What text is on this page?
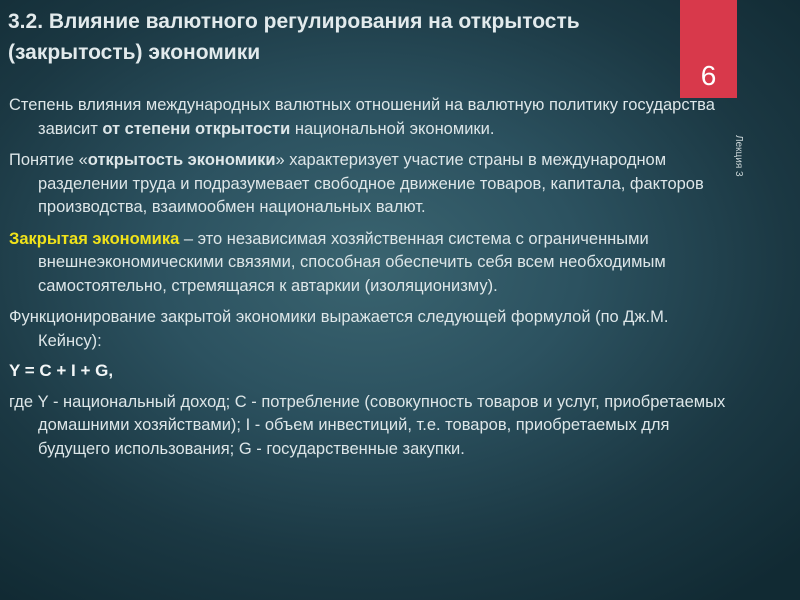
3.2. Влияние валютного регулирования на открытость (закрытость) экономики
6
Лекция 3

Степень влияния международных валютных отношений на валютную политику государства зависит от степени открытости национальной экономики.

Понятие «открытость экономики» характеризует участие страны в международном разделении труда и подразумевает свободное движение товаров, капитала, факторов производства, взаимообмен национальных валют.

Закрытая экономика – это независимая хозяйственная система с ограниченными внешнеэкономическими связями, способная обеспечить себя всем необходимым самостоятельно, стремящаяся к автаркии (изоляционизму).

Функционирование закрытой экономики выражается следующей формулой (по Дж.М. Кейнсу):

Y = C + I + G,

где Y - национальный доход; С - потребление (совокупность товаров и услуг, приобретаемых домашними хозяйствами); I - объем инвестиций, т.е. товаров, приобретаемых для будущего использования; G - государственные закупки.
